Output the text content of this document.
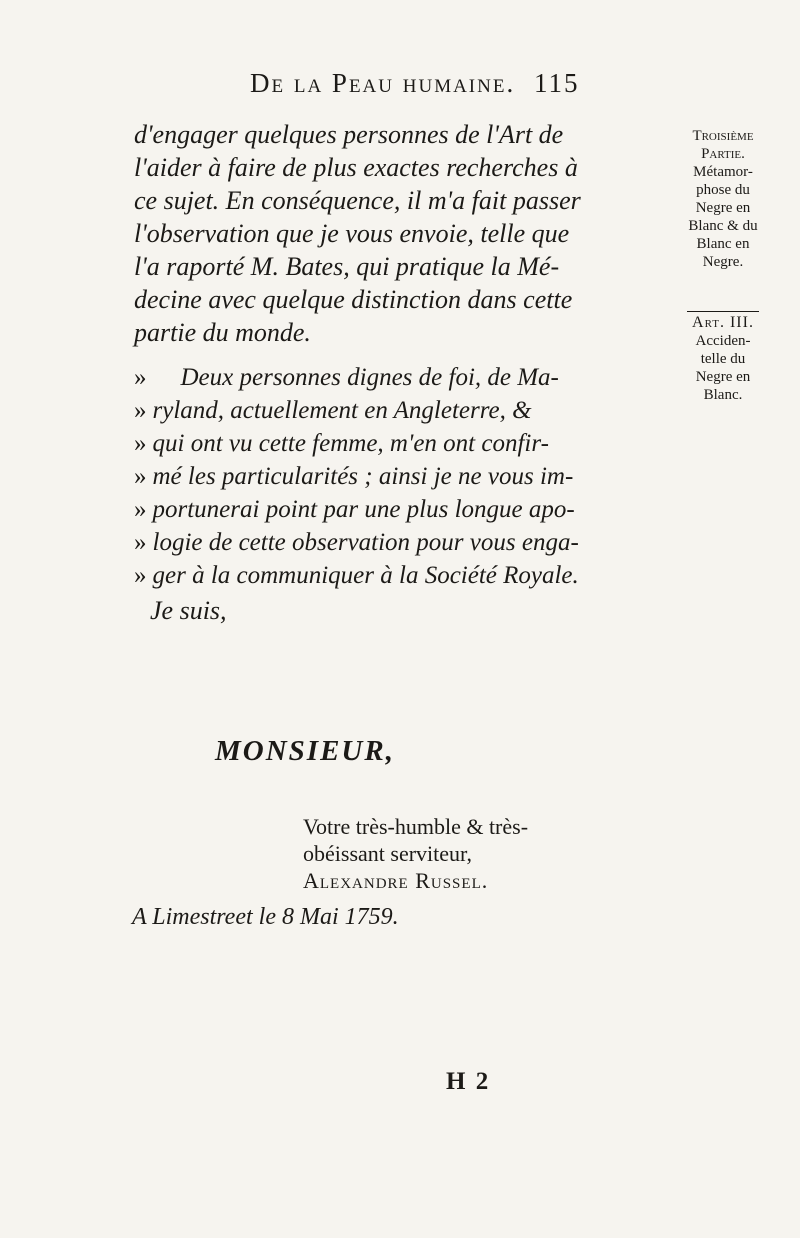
De la Peau humaine. 115
d'engager quelques personnes de l'Art de
l'aider à faire de plus exactes recherches à
ce sujet. En conséquence, il m'a fait passer
l'observation que je vous envoie, telle que
l'a raporté M. Bates, qui pratique la Mé-
decine avec quelque distinction dans cette
partie du monde.
» Deux personnes dignes de foi, de Ma-
» ryland, actuellement en Angleterre, &
» qui ont vu cette femme, m'en ont confir-
» mé les particularités ; ainsi je ne vous im-
» portunerai point par une plus longue apo-
» logie de cette observation pour vous enga-
» ger à la communiquer à la Société Royale.
Je suis,
Troisième
Partie.
Métamor-
phose du
Negre en
Blanc & du
Blanc en
Negre.
Art. III.
Acciden-
telle du
Negre en
Blanc.
MONSIEUR,
Votre très-humble & très-
obéissant serviteur,
Alexandre Russel.
A Limestreet le 8 Mai 1759.
H 2
